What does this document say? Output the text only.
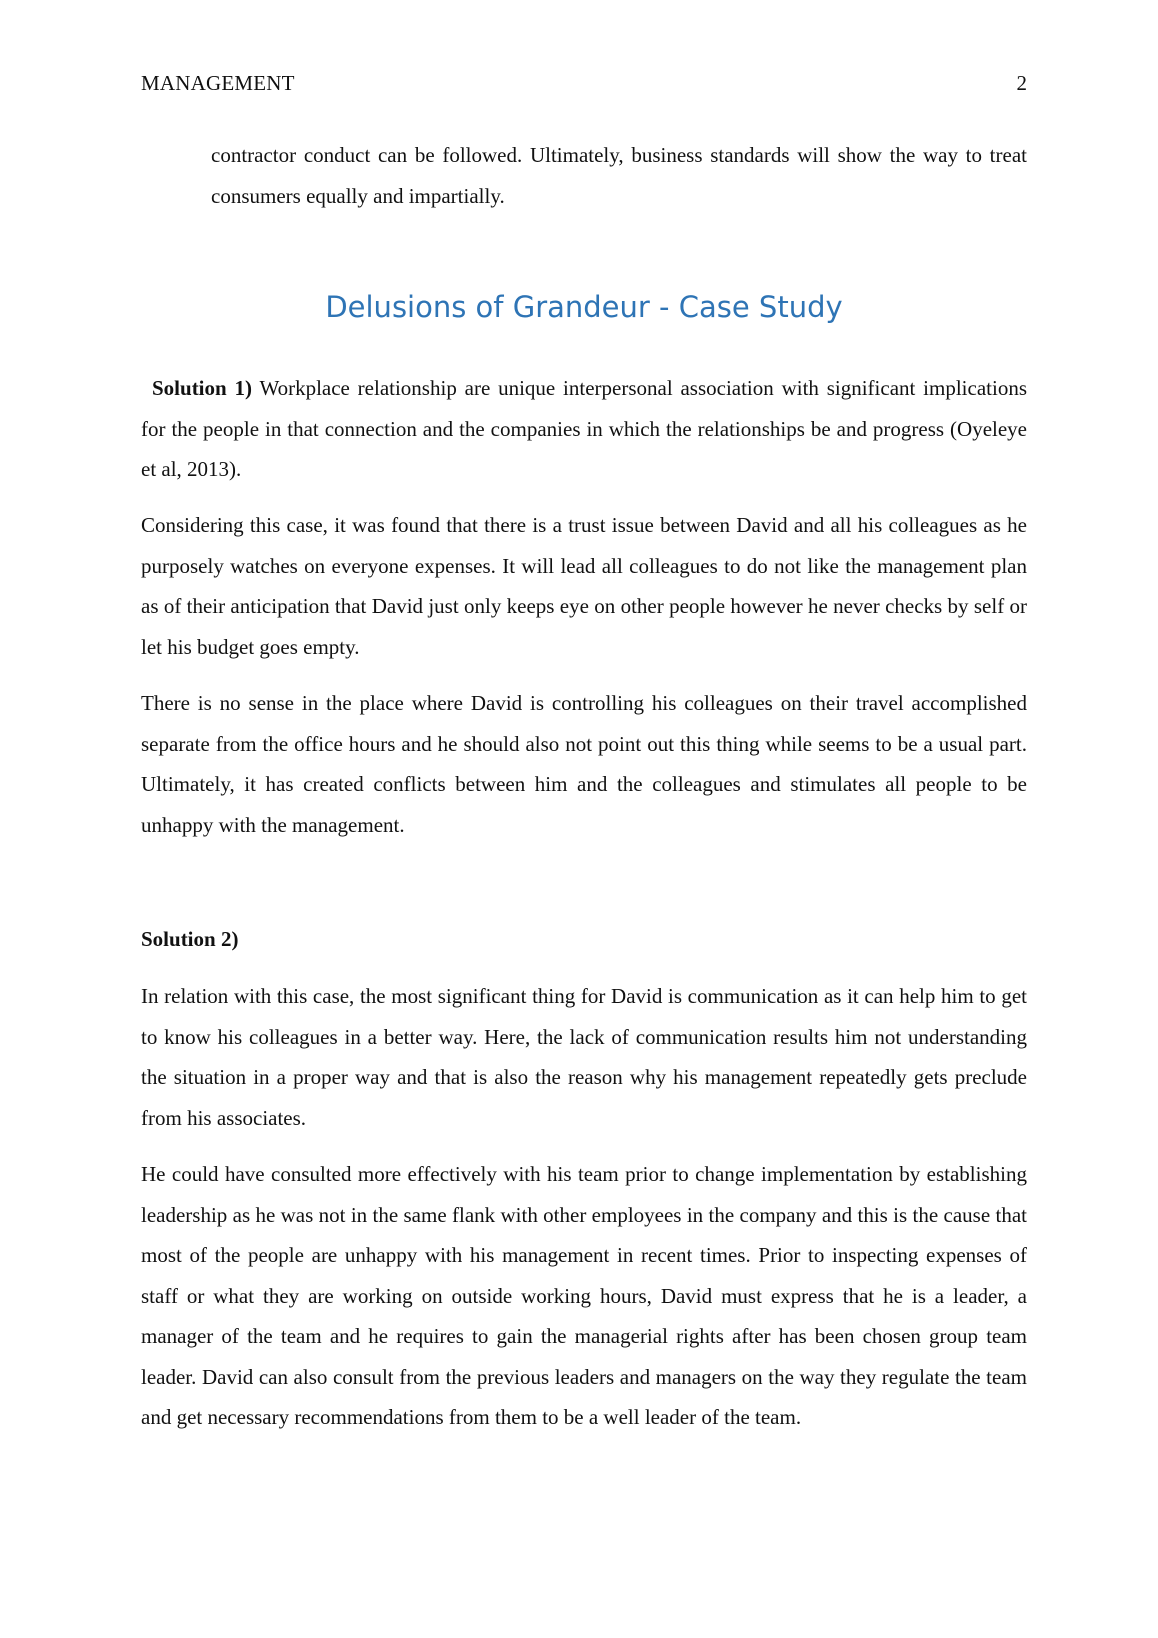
MANAGEMENT	2

contractor conduct can be followed. Ultimately, business standards will show the way to treat consumers equally and impartially.

Delusions of Grandeur - Case Study

Solution 1) Workplace relationship are unique interpersonal association with significant implications for the people in that connection and the companies in which the relationships be and progress (Oyeleye et al, 2013).

Considering this case, it was found that there is a trust issue between David and all his colleagues as he purposely watches on everyone expenses. It will lead all colleagues to do not like the management plan as of their anticipation that David just only keeps eye on other people however he never checks by self or let his budget goes empty.

There is no sense in the place where David is controlling his colleagues on their travel accomplished separate from the office hours and he should also not point out this thing while seems to be a usual part. Ultimately, it has created conflicts between him and the colleagues and stimulates all people to be unhappy with the management.

Solution 2)

In relation with this case, the most significant thing for David is communication as it can help him to get to know his colleagues in a better way. Here, the lack of communication results him not understanding the situation in a proper way and that is also the reason why his management repeatedly gets preclude from his associates.

He could have consulted more effectively with his team prior to change implementation by establishing leadership as he was not in the same flank with other employees in the company and this is the cause that most of the people are unhappy with his management in recent times. Prior to inspecting expenses of staff or what they are working on outside working hours, David must express that he is a leader, a manager of the team and he requires to gain the managerial rights after has been chosen group team leader. David can also consult from the previous leaders and managers on the way they regulate the team and get necessary recommendations from them to be a well leader of the team.
